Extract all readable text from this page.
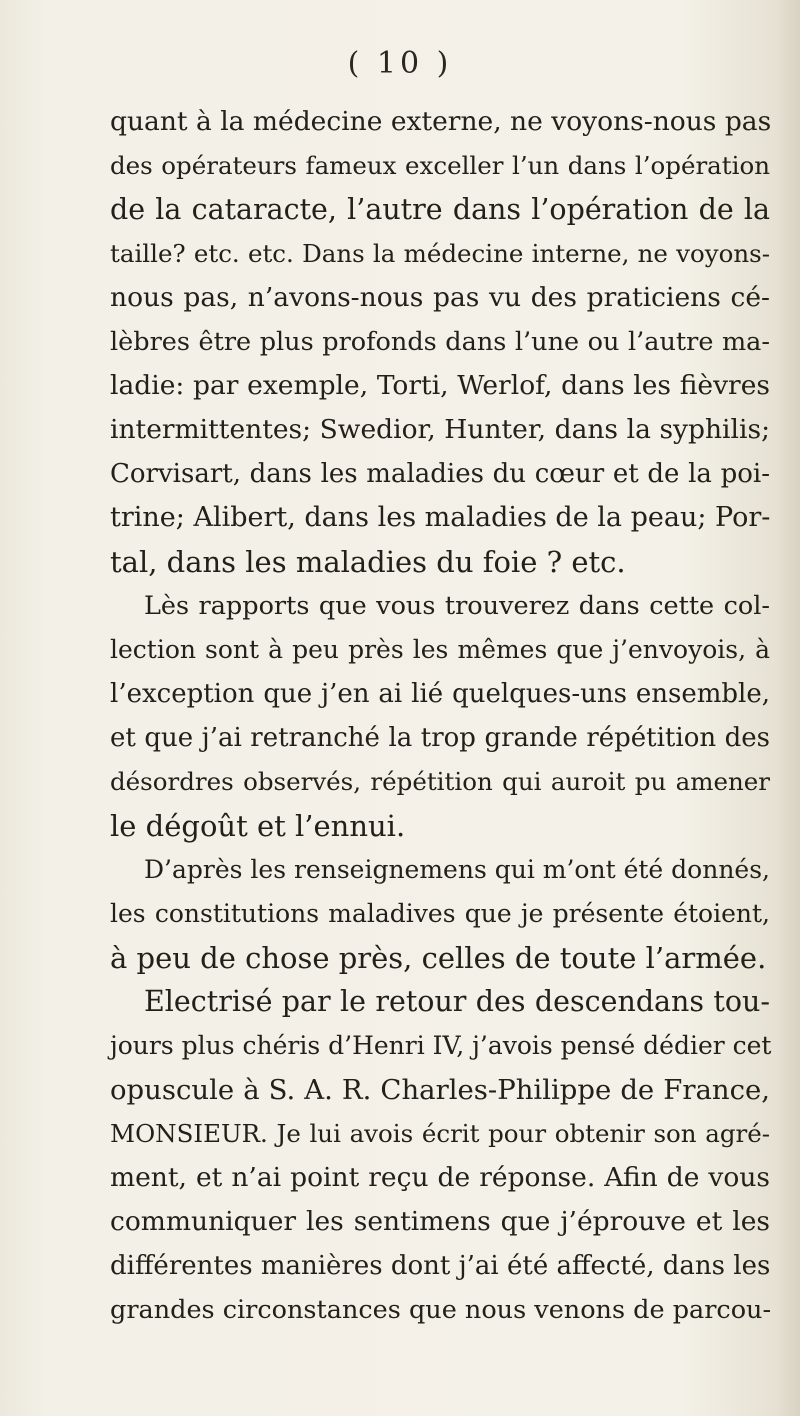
( 10 )
quant à la médecine externe, ne voyons-nous pas
des opérateurs fameux exceller l’un dans l’opération
de la cataracte, l’autre dans l’opération de la
taille? etc. etc. Dans la médecine interne, ne voyons-
nous pas, n’avons-nous pas vu des praticiens cé-
lèbres être plus profonds dans l’une ou l’autre ma-
ladie: par exemple, Torti, Werlof, dans les fièvres
intermittentes; Swedior, Hunter, dans la syphilis;
Corvisart, dans les maladies du cœur et de la poi-
trine; Alibert, dans les maladies de la peau; Por-
tal, dans les maladies du foie ? etc.
Lès rapports que vous trouverez dans cette col-
lection sont à peu près les mêmes que j’envoyois, à
l’exception que j’en ai lié quelques-uns ensemble,
et que j’ai retranché la trop grande répétition des
désordres observés, répétition qui auroit pu amener
le dégoût et l’ennui.
D’après les renseignemens qui m’ont été donnés,
les constitutions maladives que je présente étoient,
à peu de chose près, celles de toute l’armée.
Electrisé par le retour des descendans tou-
jours plus chéris d’Henri IV, j’avois pensé dédier cet
opuscule à S. A. R. Charles-Philippe de France,
MONSIEUR. Je lui avois écrit pour obtenir son agré-
ment, et n’ai point reçu de réponse. Afin de vous
communiquer les sentimens que j’éprouve et les
différentes manières dont j’ai été affecté, dans les
grandes circonstances que nous venons de parcou-
